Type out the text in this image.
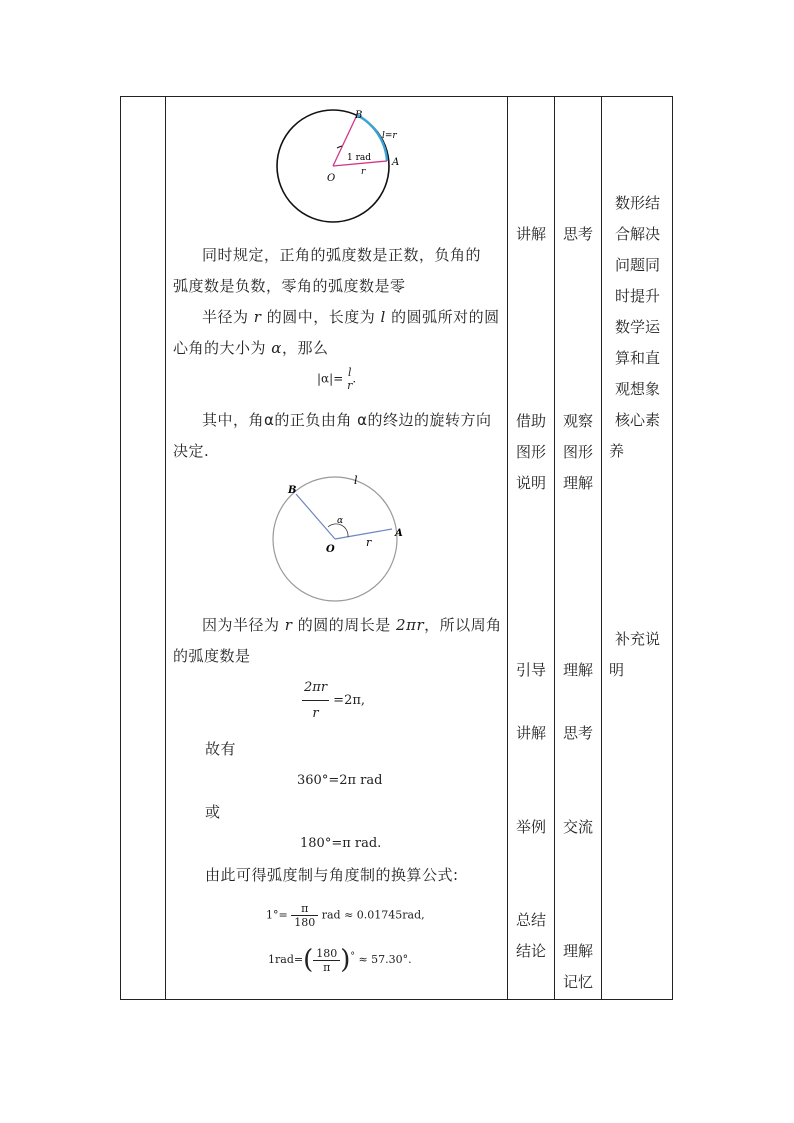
B
A
O
l=r
1 rad
r
同时规定，正角的弧度数是正数，负角的
弧度数是负数，零角的弧度数是零
半径为 r 的圆中，长度为 l 的圆弧所对的圆
心角的大小为 α，那么
|α|= l
r .
其中，角α的正负由角 α的终边的旋转方向
决定.
B
A
O
l
α
r
因为半径为 r 的圆的周长是 2πr，所以周角
的弧度数是
$\frac{2\pi r}{r} =2\pi$,
故有
360°=2π rad
或
180°=π rad.
由此可得弧度制与角度制的换算公式:
$1^\circ= \frac{\pi}{180}$ rad ≈ 0.01745rad,
$1rad=( \frac{180}{\pi} )^\circ \approx 57.30^\circ$.
讲解
借助
图形
说明
引导
讲解
举例
总结
结论
思考
观察
图形
理解
理解
思考
交流
理解
记忆
数形结
合解决
问题同
时提升
数学运
算和直
观想象
核心素
养
补充说
明
